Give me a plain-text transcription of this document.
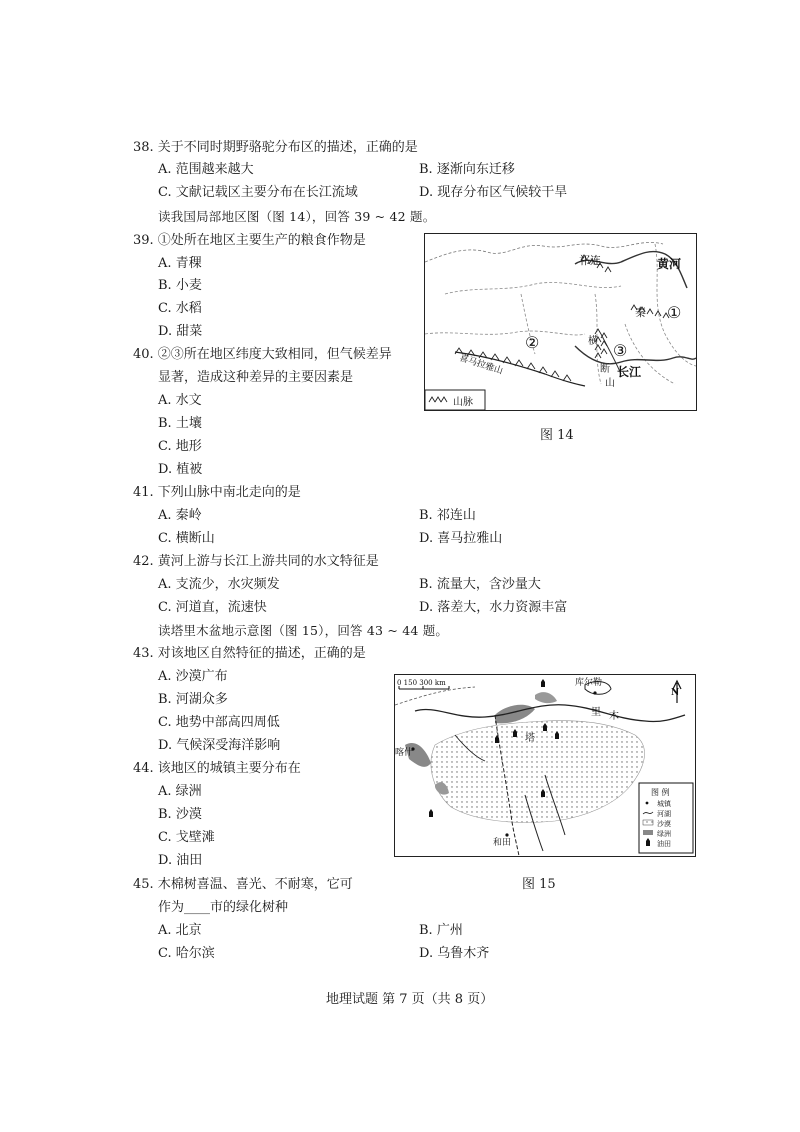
38. 关于不同时期野骆驼分布区的描述，正确的是
A. 范围越来越大	B. 逐渐向东迁移
C. 文献记载区主要分布在长江流域	D. 现存分布区气候较干旱
读我国局部地区图（图 14），回答 39 ~ 42 题。
39. ①处所在地区主要生产的粮食作物是
A. 青稞
B. 小麦
C. 水稻
D. 甜菜
40. ②③所在地区纬度大致相同，但气候差异
显著，造成这种差异的主要因素是
A. 水文
B. 土壤
C. 地形
D. 植被
祁连	黄河
秦 ①
②	③
喜马拉雅山
横
断
山
长江
山脉
图 14
41. 下列山脉中南北走向的是
A. 秦岭	B. 祁连山
C. 横断山	D. 喜马拉雅山
42. 黄河上游与长江上游共同的水文特征是
A. 支流少，水灾频发	B. 流量大，含沙量大
C. 河道直，流速快	D. 落差大，水力资源丰富
读塔里木盆地示意图（图 15），回答 43 ~ 44 题。
43. 对该地区自然特征的描述，正确的是
A. 沙漠广布
B. 河湖众多
C. 地势中部高四周低
D. 气候深受海洋影响
44. 该地区的城镇主要分布在
A. 绿洲
B. 沙漠
C. 戈壁滩
D. 油田
0 150 300 km
N
库尔勒
喀什
和田
塔
里 木
图 例
城镇
河湖
沙漠
绿洲
油田
图 15
45. 木棉树喜温、喜光、不耐寒，它可
作为____市的绿化树种
A. 北京	B. 广州
C. 哈尔滨	D. 乌鲁木齐
地理试题 第 7 页（共 8 页）
